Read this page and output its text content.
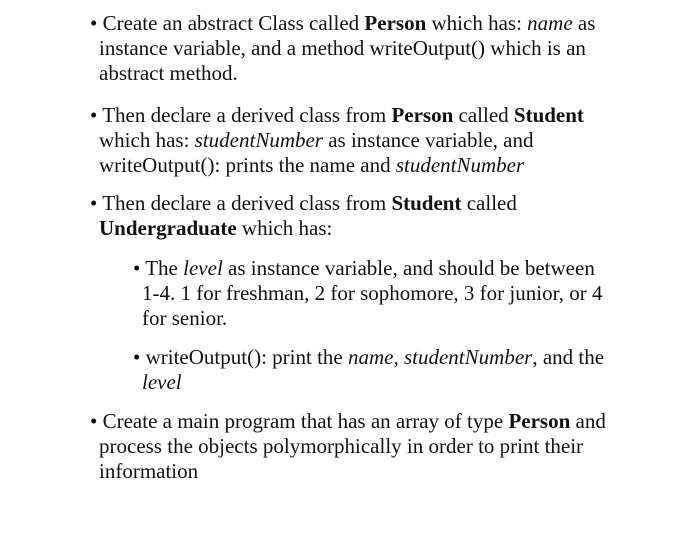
• Create an abstract Class called Person which has: name as
instance variable, and a method writeOutput() which is an
abstract method.
• Then declare a derived class from Person called Student
which has: studentNumber as instance variable, and
writeOutput(): prints the name and studentNumber
• Then declare a derived class from Student called
Undergraduate which has:
• The level as instance variable, and should be between
1-4. 1 for freshman, 2 for sophomore, 3 for junior, or 4
for senior.
• writeOutput(): print the name, studentNumber, and the
level
• Create a main program that has an array of type Person and
process the objects polymorphically in order to print their
information
